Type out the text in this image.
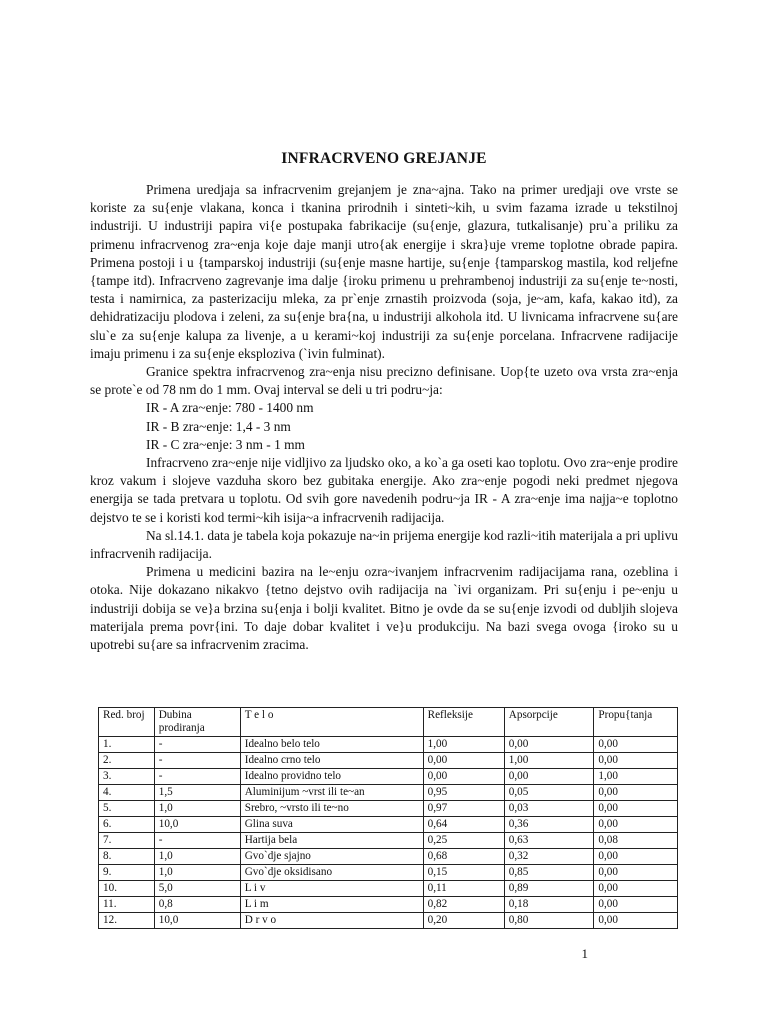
INFRACRVENO GREJANJE

Primena uredjaja sa infracrvenim grejanjem je zna~ajna. Tako na primer uredjaji ove vrste se koriste za su{enje vlakana, konca i tkanina prirodnih i sinteti~kih, u svim fazama izrade u tekstilnoj industriji. U industriji papira vi{e postupaka fabrikacije (su{enje, glazura, tutkalisanje) pru`a priliku za primenu infracrvenog zra~enja koje daje manji utro{ak energije i skra}uje vreme toplotne obrade papira. Primena postoji i u {tamparskoj industriji (su{enje masne hartije, su{enje {tamparskog mastila, kod reljefne {tampe itd). Infracrveno zagrevanje ima dalje {iroku primenu u prehrambenoj industriji za su{enje te~nosti, testa i namirnica, za pasterizaciju mleka, za pr`enje zrnastih proizvoda (soja, je~am, kafa, kakao itd), za dehidratizaciju plodova i zeleni, za su{enje bra{na, u industriji alkohola itd. U livnicama infracrvene su{are slu`e za su{enje kalupa za livenje, a u kerami~koj industriji za su{enje porcelana. Infracrvene radijacije imaju primenu i za su{enje eksploziva (`ivin fulminat).

Granice spektra infracrvenog zra~enja nisu precizno definisane. Uop{te uzeto ova vrsta zra~enja se prote`e od 78 nm do 1 mm. Ovaj interval se deli u tri podru~ja:

IR - A zra~enje: 780 - 1400 nm

IR - B zra~enje: 1,4 - 3 nm

IR - C zra~enje: 3 nm - 1 mm

Infracrveno zra~enje nije vidljivo za ljudsko oko, a ko`a ga oseti kao toplotu. Ovo zra~enje prodire kroz vakum i slojeve vazduha skoro bez gubitaka energije. Ako zra~enje pogodi neki predmet njegova energija se tada pretvara u toplotu. Od svih gore navedenih podru~ja IR - A zra~enje ima najja~e toplotno dejstvo te se i koristi kod termi~kih isija~a infracrvenih radijacija.

Na sl.14.1. data je tabela koja pokazuje na~in prijema energije kod razli~itih materijala a pri uplivu infracrvenih radijacija.

Primena u medicini bazira na le~enju ozra~ivanjem infracrvenim radijacijama rana, ozeblina i otoka. Nije dokazano nikakvo {tetno dejstvo ovih radijacija na `ivi organizam. Pri su{enju i pe~enju u industriji dobija se ve}a brzina su{enja i bolji kvalitet. Bitno je ovde da se su{enje izvodi od dubljih slojeva materijala prema povr{ini. To daje dobar kvalitet i ve}u produkciju. Na bazi svega ovoga {iroko su u upotrebi su{are sa infracrvenim zracima.

Red. broj	Dubina prodiranja	T e l o	Refleksije	Apsorpcije	Propu{tanja
1.	-	Idealno belo telo	1,00	0,00	0,00
2.	-	Idealno crno telo	0,00	1,00	0,00
3.	-	Idealno providno telo	0,00	0,00	1,00
4.	1,5	Aluminijum ~vrst ili te~an	0,95	0,05	0,00
5.	1,0	Srebro, ~vrsto ili te~no	0,97	0,03	0,00
6.	10,0	Glina suva	0,64	0,36	0,00
7.	-	Hartija bela	0,25	0,63	0,08
8.	1,0	Gvo`dje sjajno	0,68	0,32	0,00
9.	1,0	Gvo`dje oksidisano	0,15	0,85	0,00
10.	5,0	L i v	0,11	0,89	0,00
11.	0,8	L i m	0,82	0,18	0,00
12.	10,0	D r v o	0,20	0,80	0,00
1
